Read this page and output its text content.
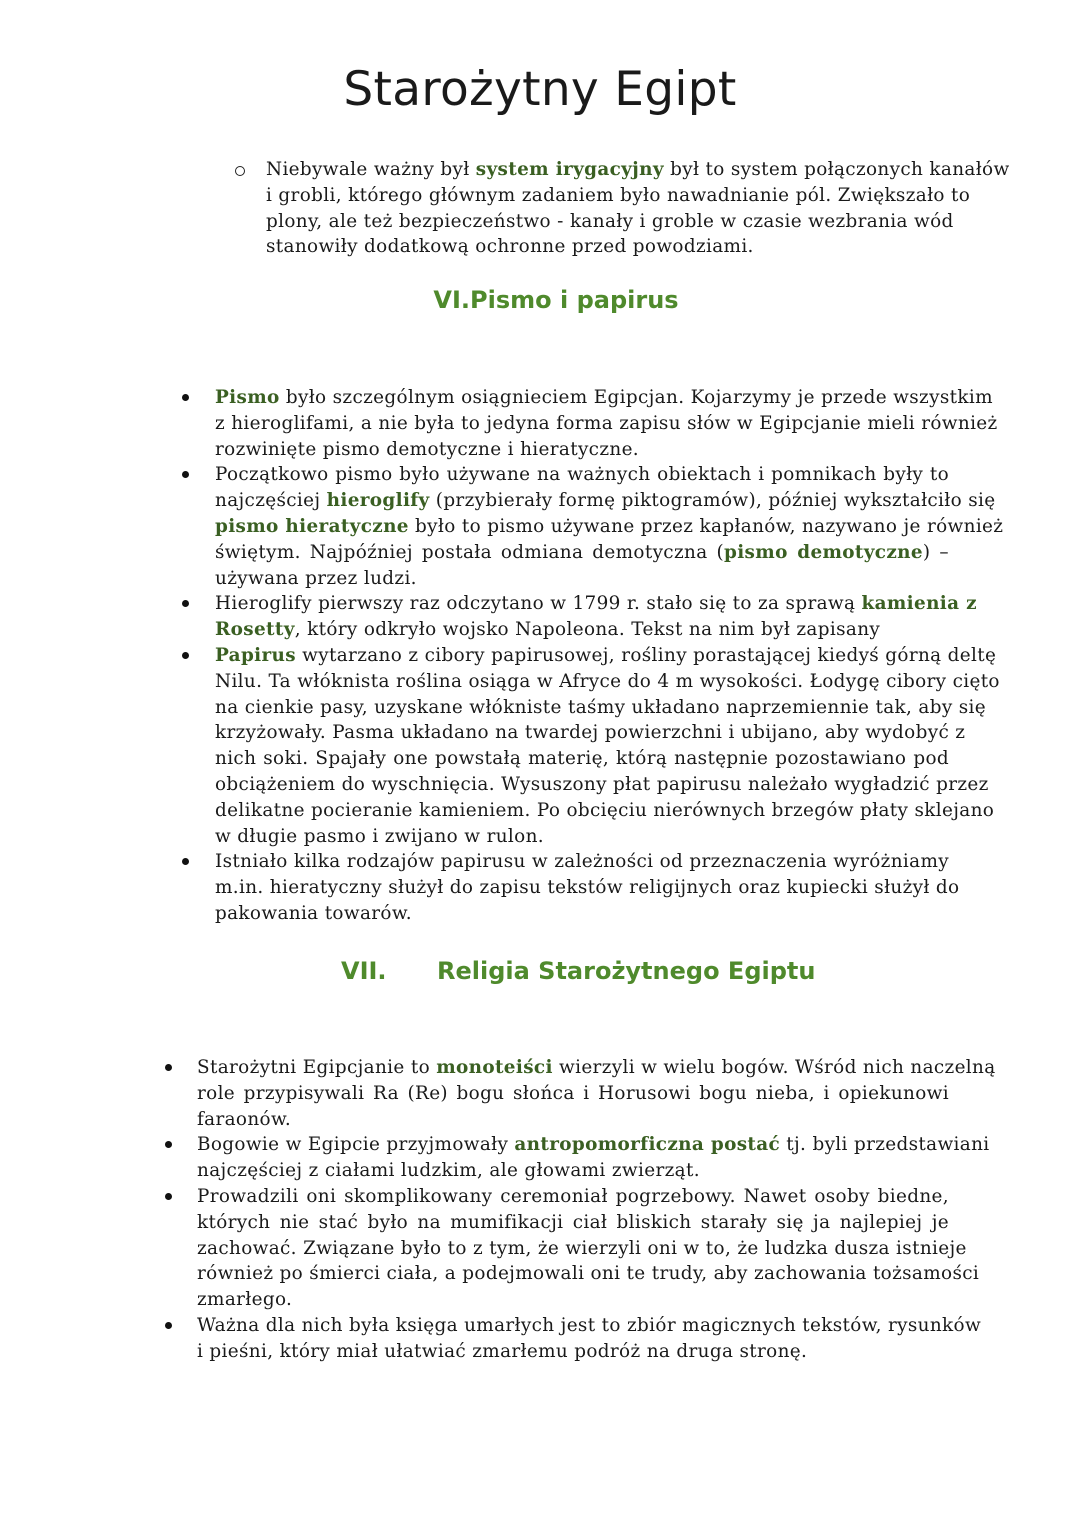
Starożytny Egipt
Niebywale ważny był system irygacyjny był to system połączonych kanałów
i grobli, którego głównym zadaniem było nawadnianie pól. Zwiększało to
plony, ale też bezpieczeństwo - kanały i groble w czasie wezbrania wód
stanowiły dodatkową ochronne przed powodziami.
VI.Pismo i papirus
Pismo było szczególnym osiągnieciem Egipcjan. Kojarzymy je przede wszystkim
z hieroglifami, a nie była to jedyna forma zapisu słów w Egipcjanie mieli również
rozwinięte pismo demotyczne i hieratyczne.
Początkowo pismo było używane na ważnych obiektach i pomnikach były to
najczęściej hieroglify (przybierały formę piktogramów), później wykształciło się
pismo hieratyczne było to pismo używane przez kapłanów, nazywano je również
świętym. Najpóźniej postała odmiana demotyczna (pismo demotyczne) –
używana przez ludzi.
Hieroglify pierwszy raz odczytano w 1799 r. stało się to za sprawą kamienia z
Rosetty, który odkryło wojsko Napoleona. Tekst na nim był zapisany
Papirus wytarzano z cibory papirusowej, rośliny porastającej kiedyś górną deltę
Nilu. Ta włóknista roślina osiąga w Afryce do 4 m wysokości. Łodygę cibory cięto
na cienkie pasy, uzyskane włókniste taśmy układano naprzemiennie tak, aby się
krzyżowały. Pasma układano na twardej powierzchni i ubijano, aby wydobyć z
nich soki. Spajały one powstałą materię, którą następnie pozostawiano pod
obciążeniem do wyschnięcia. Wysuszony płat papirusu należało wygładzić przez
delikatne pocieranie kamieniem. Po obcięciu nierównych brzegów płaty sklejano
w długie pasmo i zwijano w rulon.
Istniało kilka rodzajów papirusu w zależności od przeznaczenia wyróżniamy
m.in. hieratyczny służył do zapisu tekstów religijnych oraz kupiecki służył do
pakowania towarów.
VII. Religia Starożytnego Egiptu
Starożytni Egipcjanie to monoteiści wierzyli w wielu bogów. Wśród nich naczelną
role przypisywali Ra (Re) bogu słońca i Horusowi bogu nieba, i opiekunowi
faraonów.
Bogowie w Egipcie przyjmowały antropomorficzna postać tj. byli przedstawiani
najczęściej z ciałami ludzkim, ale głowami zwierząt.
Prowadzili oni skomplikowany ceremoniał pogrzebowy. Nawet osoby biedne,
których nie stać było na mumifikacji ciał bliskich starały się ja najlepiej je
zachować. Związane było to z tym, że wierzyli oni w to, że ludzka dusza istnieje
również po śmierci ciała, a podejmowali oni te trudy, aby zachowania tożsamości
zmarłego.
Ważna dla nich była księga umarłych jest to zbiór magicznych tekstów, rysunków
i pieśni, który miał ułatwiać zmarłemu podróż na druga stronę.
